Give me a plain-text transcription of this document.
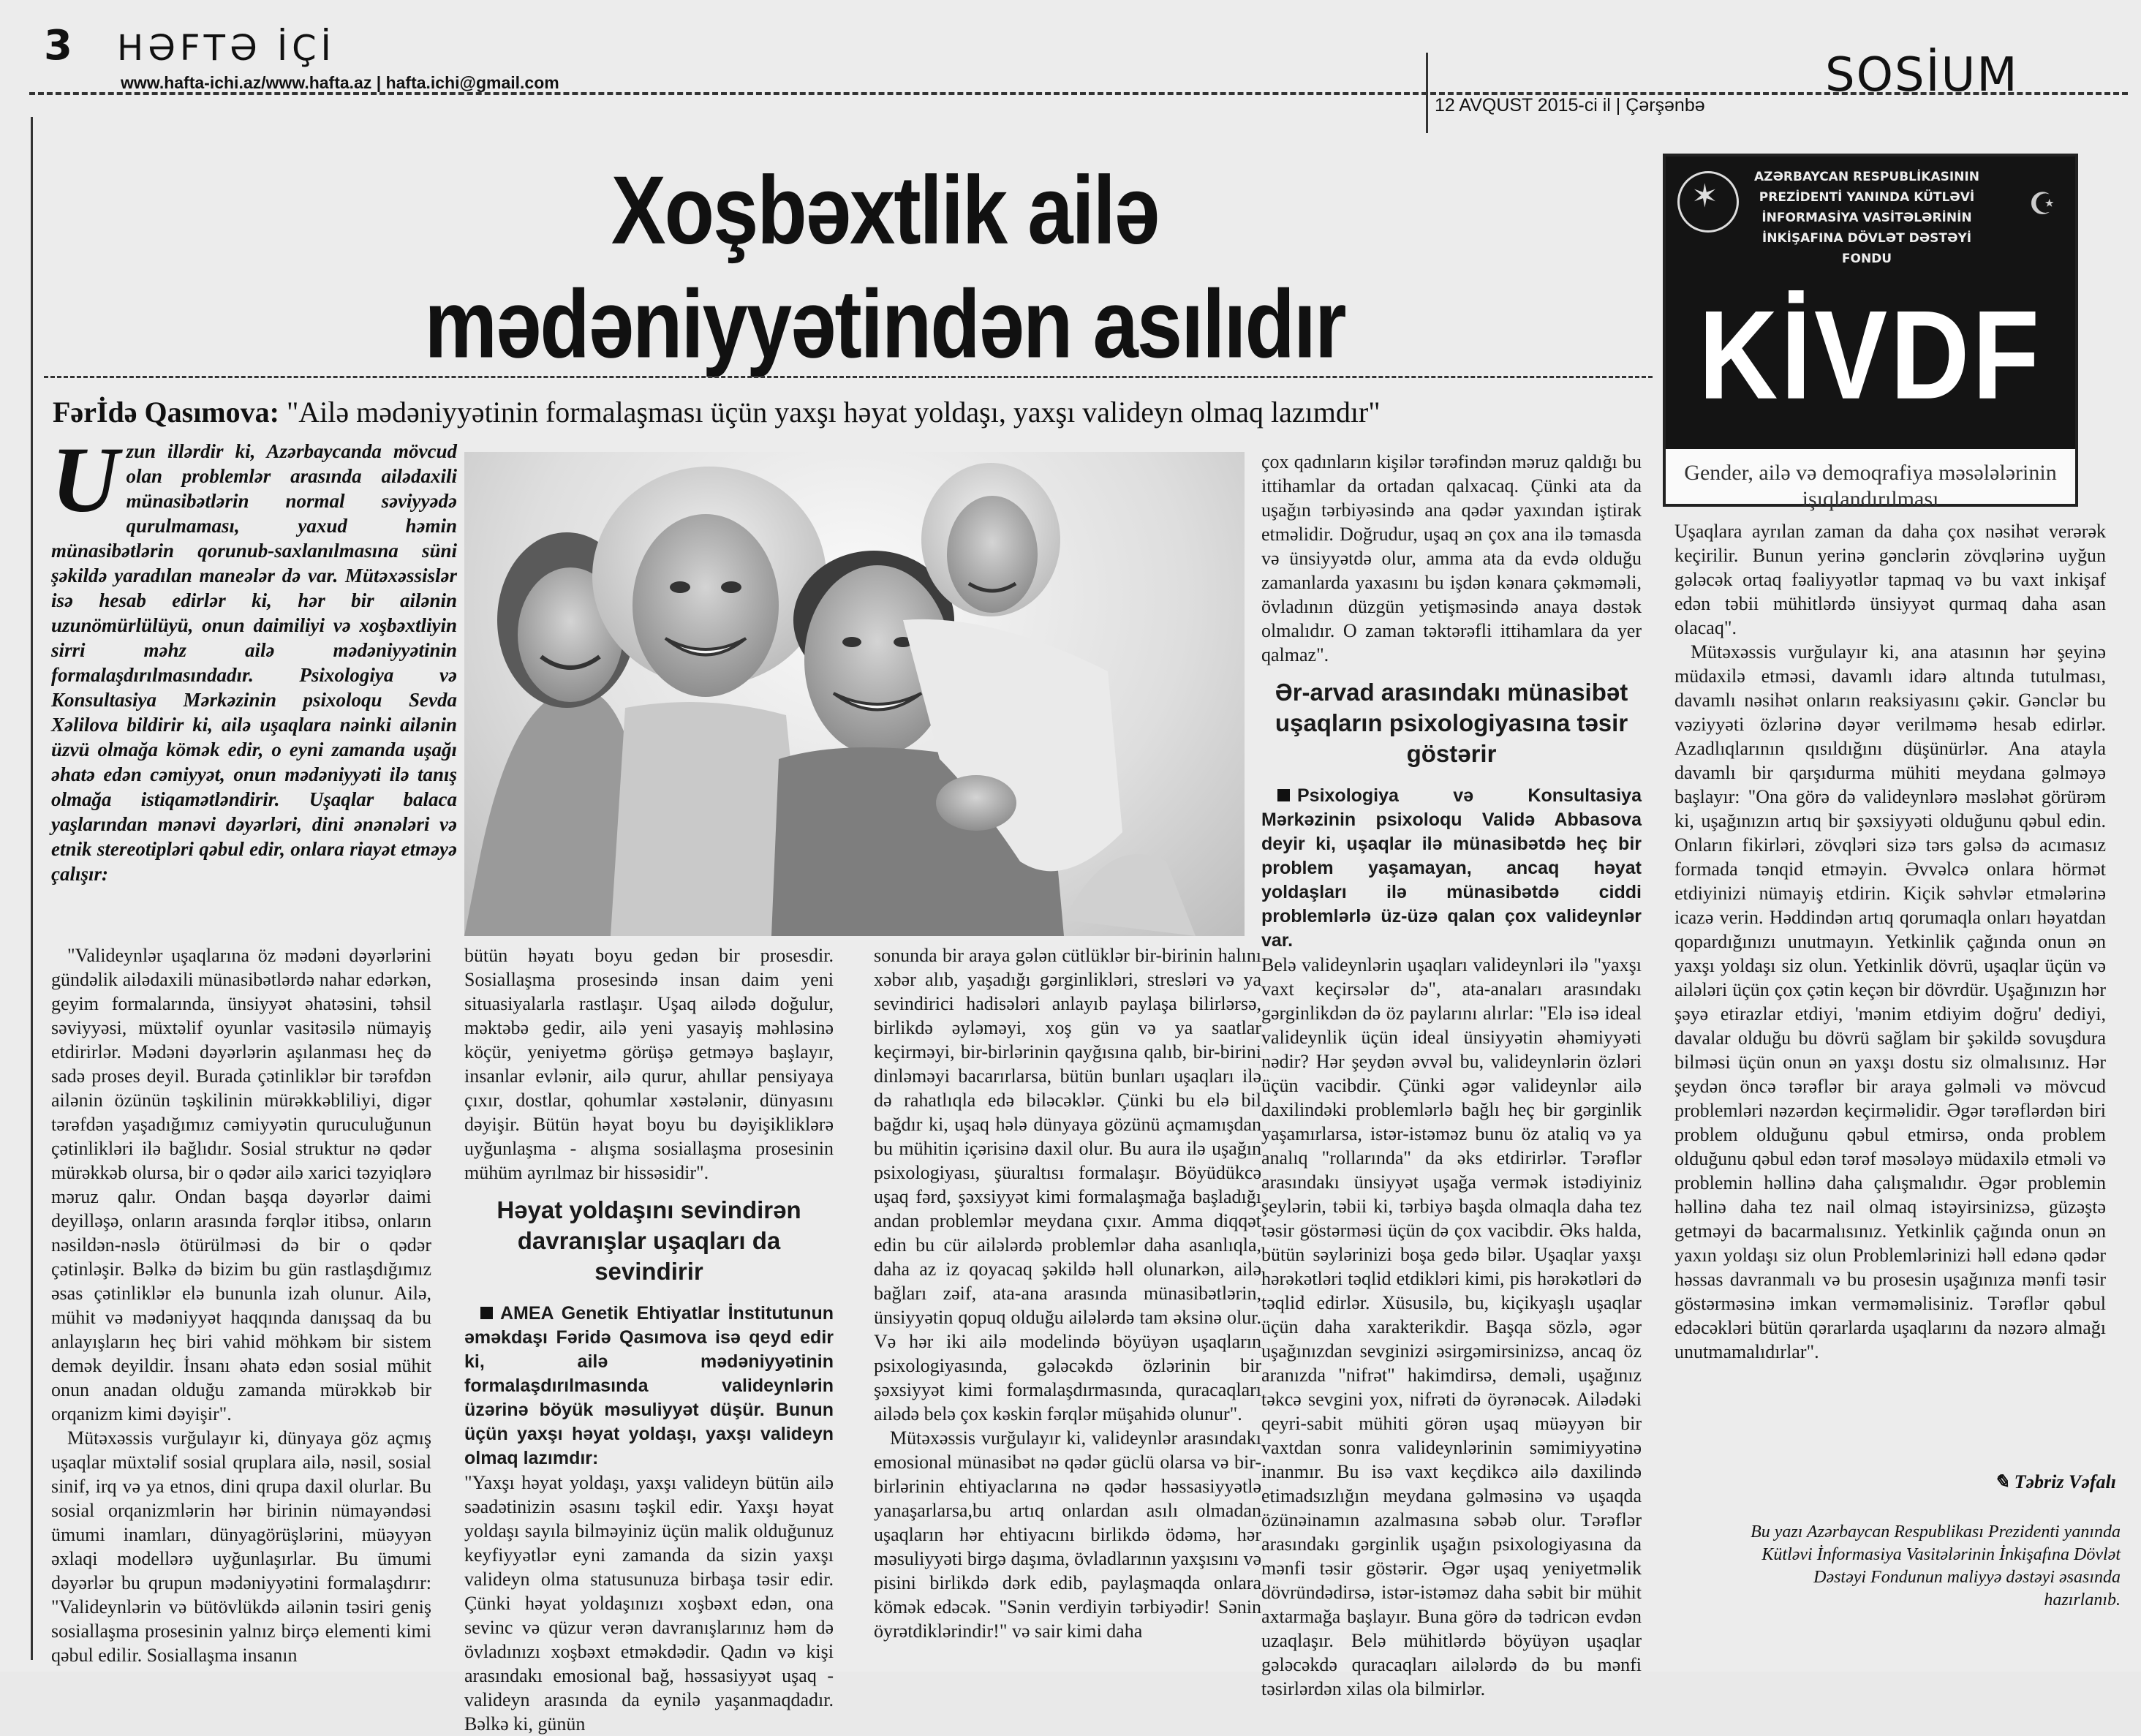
3 HƏFTƏ İÇİ
www.hafta-ichi.az/www.hafta.az | hafta.ichi@gmail.com
12 AVQUST 2015-ci il | Çərşənbə
SOSİUM
Xoşbəxtlik ailə
mədəniyyətindən asılıdır
Fərİdə Qasımova: "Ailə mədəniyyətinin formalaşması üçün yaxşı həyat yoldaşı, yaxşı valideyn olmaq lazımdır"
✶
AZƏRBAYCAN RESPUBLİKASININ PREZİDENTİ YANINDA KÜTLƏVİ İNFORMASİYA VASİTƏLƏRİNİN İNKİŞAFINA DÖVLƏT DƏSTƏYİ FONDU
☪
KİVDF
Gender, ailə və demoqrafiya məsələlərinin işıqlandırılması
U zun illərdir ki, Azərbaycanda mövcud olan problemlər arasında ailədaxili münasibətlərin normal səviyyədə qurulmaması, yaxud həmin münasibətlərin qorunub-saxlanılmasına süni şəkildə yaradılan maneələr də var. Mütəxəssislər isə hesab edirlər ki, hər bir ailənin uzunömürlülüyü, onun daimiliyi və xoşbəxtliyin sirri məhz ailə mədəniyyətinin formalaşdırılmasındadır. Psixologiya və Konsultasiya Mərkəzinin psixoloqu Sevda Xəlilova bildirir ki, ailə uşaqlara nəinki ailənin üzvü olmağa kömək edir, o eyni zamanda uşağı əhatə edən cəmiyyət, onun mədəniyyəti ilə tanış olmağa istiqamətləndirir. Uşaqlar balaca yaşlarından mənəvi dəyərləri, dini ənənələri və etnik stereotipləri qəbul edir, onlara riayət etməyə çalışır:

"Valideynlər uşaqlarına öz mədəni dəyərlərini gündəlik ailədaxili münasibətlərdə nahar edərkən, geyim formalarında, ünsiyyət əhatəsini, təhsil səviyyəsi, müxtəlif oyunlar vasitəsilə nümayiş etdirirlər. Mədəni dəyərlərin aşılanması heç də sadə proses deyil. Burada çətinliklər bir tərəfdən ailənin özünün təşkilinin mürəkkəbliliyi, digər tərəfdən yaşadığımız cəmiyyətin quruculuğunun çətinlikləri ilə bağlıdır. Sosial struktur nə qədər mürəkkəb olursa, bir o qədər ailə xarici təzyiqlərə məruz qalır. Ondan başqa dəyərlər daimi deyilləşə, onların arasında fərqlər itibsə, onların nəsildən-nəslə ötürülməsi də bir o qədər çətinləşir. Bəlkə də bizim bu gün rastlaşdığımız əsas çətinliklər elə bununla izah olunur. Ailə, mühit və mədəniyyət haqqında danışsaq da bu anlayışların heç biri vahid möhkəm bir sistem demək deyildir. İnsanı əhatə edən sosial mühit onun anadan olduğu zamanda mürəkkəb bir orqanizm kimi dəyişir".

Mütəxəssis vurğulayır ki, dünyaya göz açmış uşaqlar müxtəlif sosial qruplara ailə, nəsil, sosial sinif, irq və ya etnos, dini qrupa daxil olurlar. Bu sosial orqanizmlərin hər birinin nümayəndəsi ümumi inamları, dünyagörüşlərini, müəyyən əxlaqi modellərə uyğunlaşırlar. Bu ümumi dəyərlər bu qrupun mədəniyyətini formalaşdırır: "Valideynlərin və bütövlükdə ailənin təsiri geniş sosiallaşma prosesinin yalnız birçə elementi kimi qəbul edilir. Sosiallaşma insanın

bütün həyatı boyu gedən bir prosesdir. Sosiallaşma prosesində insan daim yeni situasiyalarla rastlaşır. Uşaq ailədə doğulur, məktəbə gedir, ailə yeni yasayiş məhləsinə köçür, yeniyetmə görüşə getməyə başlayır, insanlar evlənir, ailə qurur, ahıllar pensiyaya çıxır, dostlar, qohumlar xəstələnir, dünyasını dəyişir. Bütün həyat boyu bu dəyişikliklərə uyğunlaşma - alışma sosiallaşma prosesinin mühüm ayrılmaz bir hissəsidir".

Həyat yoldaşını sevindirən davranışlar uşaqları da sevindirir

AMEA Genetik Ehtiyatlar İnstitutunun əməkdaşı Fəridə Qasımova isə qeyd edir ki, ailə mədəniyyətinin formalaşdırılmasında valideynlərin üzərinə böyük məsuliyyət düşür. Bunun üçün yaxşı həyat yoldaşı, yaxşı valideyn olmaq lazımdır:

"Yaxşı həyat yoldaşı, yaxşı valideyn bütün ailə səadətinizin əsasını təşkil edir. Yaxşı həyat yoldaşı sayıla bilməyiniz üçün malik olduğunuz keyfiyyətlər eyni zamanda da sizin yaxşı valideyn olma statusunuza birbaşa təsir edir. Çünki həyat yoldaşınızı xoşbəxt edən, ona sevinc və qüzur verən davranışlarınız həm də övladınızı xoşbəxt etməkdədir. Qadın və kişi arasındakı emosional bağ, həssasiyyət uşaq -valideyn arasında da eynilə yaşanmaqdadır. Bəlkə ki, günün

sonunda bir araya gələn cütlüklər bir-birinin halını xəbər alıb, yaşadığı gərginlikləri, stresləri və ya sevindirici hadisələri anlayıb paylaşa bilirlərsə, birlikdə əyləməyi, xoş gün və ya saatlar keçirməyi, bir-birlərinin qayğısına qalıb, bir-birini dinləməyi bacarırlarsa, bütün bunları uşaqları ilə də rahatlıqla edə biləcəklər. Çünki bu elə bil bağdır ki, uşaq hələ dünyaya gözünü açmamışdan bu mühitin içərisinə daxil olur. Bu aura ilə uşağın psixologiyası, şüuraltısı formalaşır. Böyüdükcə uşaq fərd, şəxsiyyət kimi formalaşmağa başladığı andan problemlər meydana çıxır. Amma diqqət edin bu cür ailələrdə problemlər daha asanlıqla, daha az iz qoyacaq şəkildə həll olunarkən, ailə bağları zəif, ata-ana arasında münasibətlərin, ünsiyyətin qopuq olduğu ailələrdə tam əksinə olur. Və hər iki ailə modelində böyüyən uşaqların psixologiyasında, gələcəkdə özlərinin bir şəxsiyyət kimi formalaşdırmasında, quracaqları ailədə belə çox kəskin fərqlər müşahidə olunur".

Mütəxəssis vurğulayır ki, valideynlər arasındakı emosional münasibət nə qədər güclü olarsa və bir-birlərinin ehtiyaclarına nə qədər həssasiyyətlə yanaşarlarsa,bu artıq onlardan asılı olmadan uşaqların hər ehtiyacını birlikdə ödəmə, hər məsuliyyəti birgə daşıma, övladlarının yaxşısını və pisini birlikdə dərk edib, paylaşmaqda onlara kömək edəcək. "Sənin verdiyin tərbiyədir! Sənin öyrətdiklərindir!" və sair kimi daha

çox qadınların kişilər tərəfindən məruz qaldığı bu ittihamlar da ortadan qalxacaq. Çünki ata da uşağın tərbiyəsində ana qədər yaxından iştirak etməlidir. Doğrudur, uşaq ən çox ana ilə təmasda və ünsiyyətdə olur, amma ata da evdə olduğu zamanlarda yaxasını bu işdən kənara çəkməməli, övladının düzgün yetişməsində anaya dəstək olmalıdır. O zaman təktərəfli ittihamlara da yer qalmaz".

Ər-arvad arasındakı münasibət uşaqların psixologiyasına təsir göstərir

Psixologiya və Konsultasiya Mərkəzinin psixoloqu Validə Abbasova deyir ki, uşaqlar ilə münasibətdə heç bir problem yaşamayan, ancaq həyat yoldaşları ilə münasibətdə ciddi problemlərlə üz-üzə qalan çox valideynlər var.

Belə valideynlərin uşaqları valideynləri ilə "yaxşı vaxt keçirsələr də", ata-anaları arasındakı gərginlikdən də öz paylarını alırlar: "Elə isə ideal valideynlik üçün ideal ünsiyyətin əhəmiyyəti nədir? Hər şeydən əvvəl bu, valideynlərin özləri üçün vacibdir. Çünki əgər valideynlər ailə daxilindəki problemlərlə bağlı heç bir gərginlik yaşamırlarsa, istər-istəməz bunu öz ataliq və ya analıq "rollarında" da əks etdirirlər. Tərəflər arasındakı ünsiyyət uşağa vermək istədiyiniz şeylərin, təbii ki, tərbiyə başda olmaqla daha tez təsir göstərməsi üçün də çox vacibdir. Əks halda, bütün səylərinizi boşa gedə bilər. Uşaqlar yaxşı hərəkətləri təqlid etdikləri kimi, pis hərəkətləri də təqlid edirlər. Xüsusilə, bu, kiçikyaşlı uşaqlar üçün daha xarakterikdir. Başqa sözlə, əgər uşağınızdan sevginizi əsirgəmirsinizsə, ancaq öz aranızda "nifrət" hakimdirsə, deməli, uşağınız təkcə sevgini yox, nifrəti də öyrənəcək. Ailədəki qeyri-sabit mühiti görən uşaq müəyyən bir vaxtdan sonra valideynlərinin səmimiyyətinə inanmır. Bu isə vaxt keçdikcə ailə daxilində etimadsızlığın meydana gəlməsinə və uşaqda özünəinamın azalmasına səbəb olur. Tərəflər arasındakı gərginlik uşağın psixologiyasına da mənfi təsir göstərir. Əgər uşaq yeniyetməlik dövründədirsə, istər-istəməz daha səbit bir mühit axtarmağa başlayır. Buna görə də tədricən evdən uzaqlaşır. Belə mühitlərdə böyüyən uşaqlar gələcəkdə quracaqları ailələrdə də bu mənfi təsirlərdən xilas ola bilmirlər.

Uşaqlara ayrılan zaman da daha çox nəsihət verərək keçirilir. Bunun yerinə gənclərin zövqlərinə uyğun gələcək ortaq fəaliyyətlər tapmaq və bu vaxt inkişaf edən təbii mühitlərdə ünsiyyət qurmaq daha asan olacaq".

Mütəxəssis vurğulayır ki, ana atasının hər şeyinə müdaxilə etməsi, davamlı idarə altında tutulması, davamlı nəsihət onların reaksiyasını çəkir. Gənclər bu vəziyyəti özlərinə dəyər verilməmə hesab edirlər. Azadlıqlarının qısıldığını düşünürlər. Ana atayla davamlı bir qarşıdurma mühiti meydana gəlməyə başlayır: "Ona görə də valideynlərə məsləhət görürəm ki, uşağınızın artıq bir şəxsiyyəti olduğunu qəbul edin. Onların fikirləri, zövqləri sizə tərs gəlsə də acımasız formada tənqid etməyin. Əvvəlcə onlara hörmət etdiyinizi nümayiş etdirin. Kiçik səhvlər etmələrinə icazə verin. Həddindən artıq qorumaqla onları həyatdan qopardığınızı unutmayın. Yetkinlik çağında onun ən yaxşı yoldaşı siz olun. Yetkinlik dövrü, uşaqlar üçün və ailələri üçün çox çətin keçən bir dövrdür. Uşağınızın hər şəyə etirazlar etdiyi, 'mənim etdiyim doğru' dediyi, davalar olduğu bu dövrü sağlam bir şəkildə sovuşdura bilməsi üçün onun ən yaxşı dostu siz olmalısınız. Hər şeydən öncə tərəflər bir araya gəlməli və mövcud problemləri nəzərdən keçirməlidir. Əgər tərəflərdən biri problem olduğunu qəbul etmirsə, onda problem olduğunu qəbul edən tərəf məsələyə müdaxilə etməli və problemin həllinə daha çalışmalıdır. Əgər problemin həllinə daha tez nail olmaq istəyirsinizsə, güzəştə getməyi də bacarmalısınız. Yetkinlik çağında onun ən yaxın yoldaşı siz olun Problemlərinizi həll edənə qədər həssas davranmalı və bu prosesin uşağınıza mənfi təsir göstərməsinə imkan verməməlisiniz. Tərəflər qəbul edəcəkləri bütün qərarlarda uşaqlarını da nəzərə almağı unutmamalıdırlar".

✎ Təbriz Vəfalı
Bu yazı Azərbaycan Respublikası Prezidenti yanında Kütləvi İnformasiya Vasitələrinin İnkişafına Dövlət Dəstəyi Fondunun maliyyə dəstəyi əsasında hazırlanıb.
